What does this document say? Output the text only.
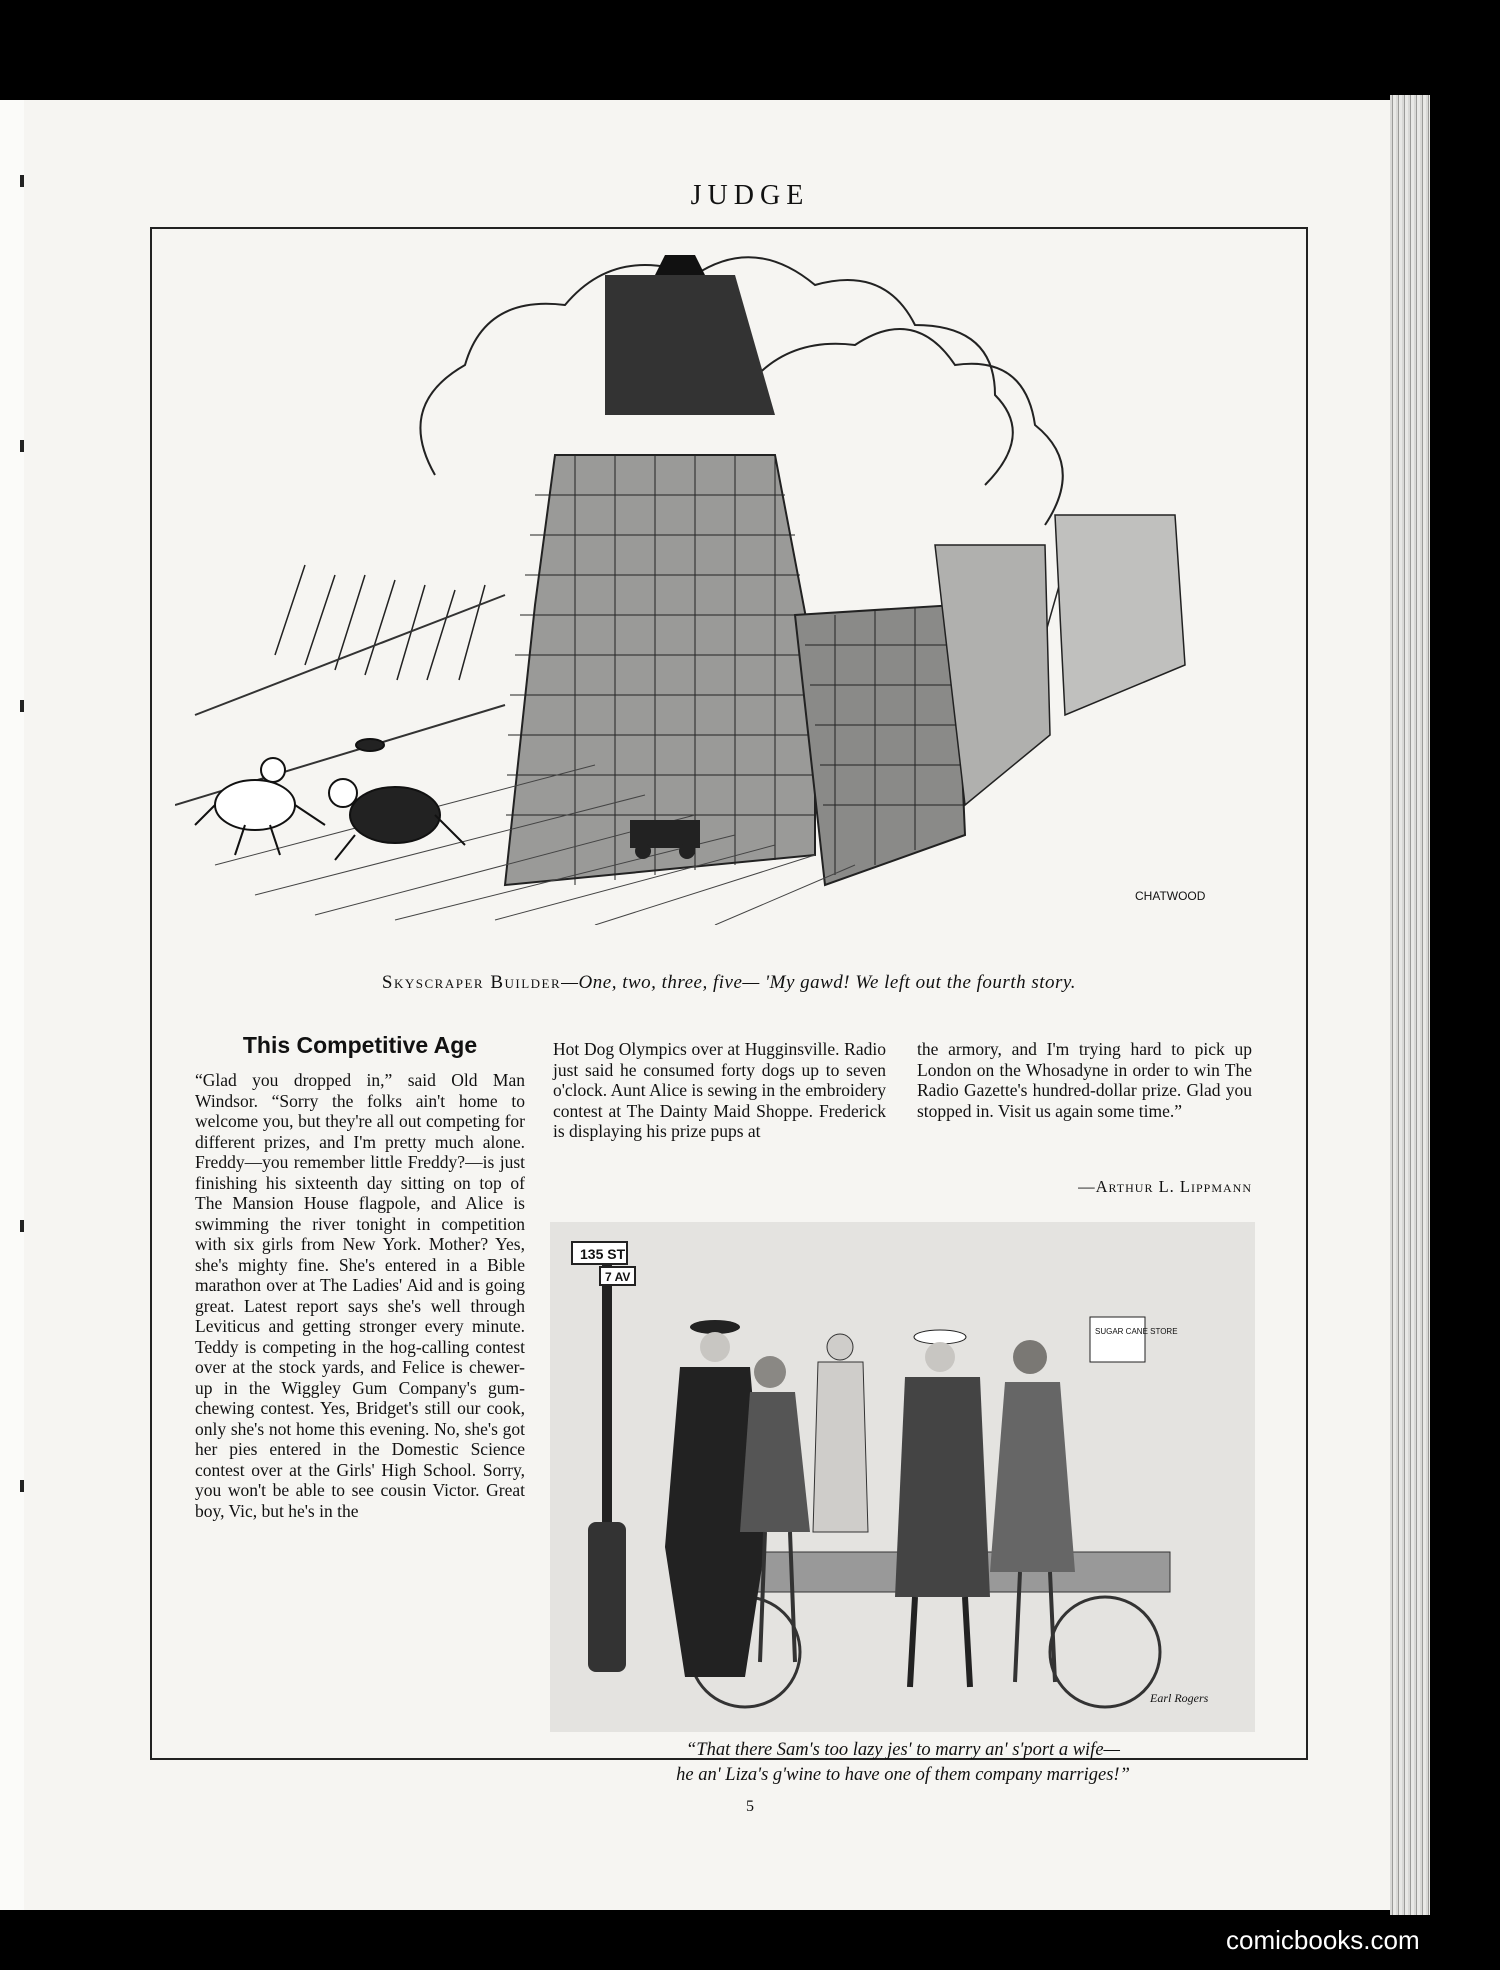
JUDGE
CHATWOOD
Skyscraper Builder—One, two, three, five— 'My gawd! We left out the fourth story.
This Competitive Age
“Glad you dropped in,” said Old Man Windsor. “Sorry the folks ain't home to welcome you, but they're all out competing for different prizes, and I'm pretty much alone. Freddy—you remember little Freddy?—is just finishing his sixteenth day sitting on top of The Mansion House flagpole, and Alice is swimming the river tonight in competition with six girls from New York. Mother? Yes, she's mighty fine. She's entered in a Bible marathon over at The Ladies' Aid and is going great. Latest report says she's well through Leviticus and getting stronger every minute. Teddy is competing in the hog-calling contest over at the stock yards, and Felice is chewer-up in the Wiggley Gum Company's gum-chewing contest. Yes, Bridget's still our cook, only she's not home this evening. No, she's got her pies entered in the Domestic Science contest over at the Girls' High School. Sorry, you won't be able to see cousin Victor. Great boy, Vic, but he's in the
Hot Dog Olympics over at Hugginsville. Radio just said he consumed forty dogs up to seven o'clock. Aunt Alice is sewing in the embroidery contest at The Dainty Maid Shoppe. Frederick is displaying his prize pups at
the armory, and I'm trying hard to pick up London on the Whosadyne in order to win The Radio Gazette's hundred-dollar prize. Glad you stopped in. Visit us again some time.”
—Arthur L. Lippmann
135 ST
7 AV
SUGAR CANE STORE
Earl Rogers
“That there Sam's too lazy jes' to marry an' s'port a wife—
he an' Liza's g'wine to have one of them company marriges!”
5
comicbooks.com
